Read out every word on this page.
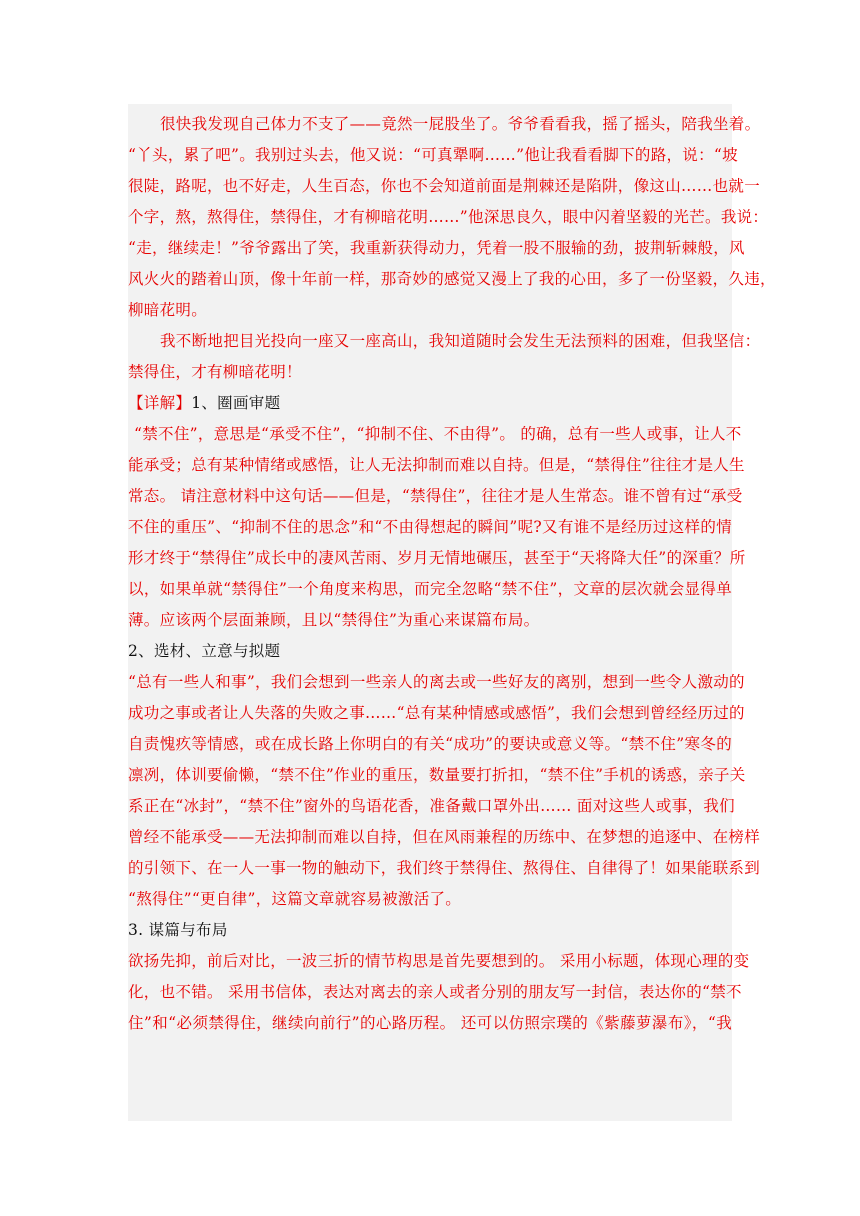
很快我发现自己体力不支了——竟然一屁股坐了。爷爷看看我，摇了摇头，陪我坐着。
“丫头，累了吧”。我别过头去，他又说：“可真犟啊……”他让我看看脚下的路，说：“坡
很陡，路呢，也不好走，人生百态，你也不会知道前面是荆棘还是陷阱，像这山……也就一
个字，熬，熬得住，禁得住，才有柳暗花明……”他深思良久，眼中闪着坚毅的光芒。我说：
“走，继续走！”爷爷露出了笑，我重新获得动力，凭着一股不服输的劲，披荆斩棘般，风
风火火的踏着山顶，像十年前一样，那奇妙的感觉又漫上了我的心田，多了一份坚毅，久违，
柳暗花明。
我不断地把目光投向一座又一座高山，我知道随时会发生无法预料的困难，但我坚信：
禁得住，才有柳暗花明！
【详解】1、圈画审题
“禁不住”，意思是“承受不住”，“抑制不住、不由得”。 的确，总有一些人或事，让人不
能承受；总有某种情绪或感悟，让人无法抑制而难以自持。但是，“禁得住”往往才是人生
常态。 请注意材料中这句话——但是，“禁得住”，往往才是人生常态。谁不曾有过“承受
不住的重压”、“抑制不住的思念”和“不由得想起的瞬间”呢?又有谁不是经历过这样的情
形才终于“禁得住”成长中的凄风苦雨、岁月无情地碾压，甚至于“天将降大任”的深重？所
以，如果单就“禁得住”一个角度来构思，而完全忽略“禁不住”，文章的层次就会显得单
薄。应该两个层面兼顾，且以“禁得住”为重心来谋篇布局。
2、选材、立意与拟题
“总有一些人和事”，我们会想到一些亲人的离去或一些好友的离别，想到一些令人激动的
成功之事或者让人失落的失败之事……“总有某种情感或感悟”，我们会想到曾经经历过的
自责愧疚等情感，或在成长路上你明白的有关“成功”的要诀或意义等。“禁不住”寒冬的
凛冽，体训要偷懒，“禁不住”作业的重压，数量要打折扣，“禁不住”手机的诱惑，亲子关
系正在“冰封”，“禁不住”窗外的鸟语花香，准备戴口罩外出…… 面对这些人或事，我们
曾经不能承受——无法抑制而难以自持，但在风雨兼程的历练中、在梦想的追逐中、在榜样
的引领下、在一人一事一物的触动下，我们终于禁得住、熬得住、自律得了！如果能联系到
“熬得住”“更自律”，这篇文章就容易被激活了。
3. 谋篇与布局
欲扬先抑，前后对比，一波三折的情节构思是首先要想到的。 采用小标题，体现心理的变
化，也不错。 采用书信体，表达对离去的亲人或者分别的朋友写一封信，表达你的“禁不
住”和“必须禁得住，继续向前行”的心路历程。 还可以仿照宗璞的《紫藤萝瀑布》，“我
